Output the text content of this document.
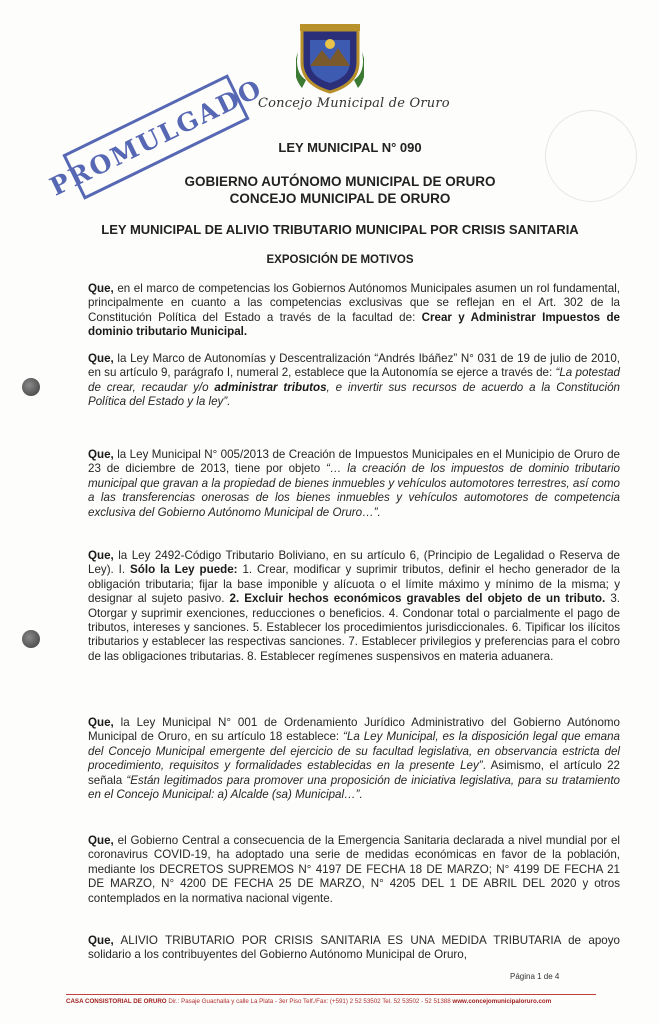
Concejo Municipal de Oruro
PROMULGADO LEY MUNICIPAL N° 090
GOBIERNO AUTÓNOMO MUNICIPAL DE ORURO
CONCEJO MUNICIPAL DE ORURO
LEY MUNICIPAL DE ALIVIO TRIBUTARIO MUNICIPAL POR CRISIS SANITARIA
EXPOSICIÓN DE MOTIVOS

Que, en el marco de competencias los Gobiernos Autónomos Municipales asumen un rol fundamental, principalmente en cuanto a las competencias exclusivas que se reflejan en el Art. 302 de la Constitución Política del Estado a través de la facultad de: Crear y Administrar Impuestos de dominio tributario Municipal.

Que, la Ley Marco de Autonomías y Descentralización “Andrés Ibáñez” N° 031 de 19 de julio de 2010, en su artículo 9, parágrafo I, numeral 2, establece que la Autonomía se ejerce a través de: “La potestad de crear, recaudar y/o administrar tributos, e invertir sus recursos de acuerdo a la Constitución Política del Estado y la ley”.

Que, la Ley Municipal N° 005/2013 de Creación de Impuestos Municipales en el Municipio de Oruro de 23 de diciembre de 2013, tiene por objeto “… la creación de los impuestos de dominio tributario municipal que gravan a la propiedad de bienes inmuebles y vehículos automotores terrestres, así como a las transferencias onerosas de los bienes inmuebles y vehículos automotores de competencia exclusiva del Gobierno Autónomo Municipal de Oruro…”.

Que, la Ley 2492-Código Tributario Boliviano, en su artículo 6, (Principio de Legalidad o Reserva de Ley). I. Sólo la Ley puede: 1. Crear, modificar y suprimir tributos, definir el hecho generador de la obligación tributaria; fijar la base imponible y alícuota o el límite máximo y mínimo de la misma; y designar al sujeto pasivo. 2. Excluir hechos económicos gravables del objeto de un tributo. 3. Otorgar y suprimir exenciones, reducciones o beneficios. 4. Condonar total o parcialmente el pago de tributos, intereses y sanciones. 5. Establecer los procedimientos jurisdiccionales. 6. Tipificar los ilícitos tributarios y establecer las respectivas sanciones. 7. Establecer privilegios y preferencias para el cobro de las obligaciones tributarias. 8. Establecer regímenes suspensivos en materia aduanera.

Que, la Ley Municipal N° 001 de Ordenamiento Jurídico Administrativo del Gobierno Autónomo Municipal de Oruro, en su artículo 18 establece: “La Ley Municipal, es la disposición legal que emana del Concejo Municipal emergente del ejercicio de su facultad legislativa, en observancia estricta del procedimiento, requisitos y formalidades establecidas en la presente Ley”. Asimismo, el artículo 22 señala “Están legitimados para promover una proposición de iniciativa legislativa, para su tratamiento en el Concejo Municipal: a) Alcalde (sa) Municipal…”.

Que, el Gobierno Central a consecuencia de la Emergencia Sanitaria declarada a nivel mundial por el coronavirus COVID-19, ha adoptado una serie de medidas económicas en favor de la población, mediante los DECRETOS SUPREMOS N° 4197 DE FECHA 18 DE MARZO; N° 4199 DE FECHA 21 DE MARZO, N° 4200 DE FECHA 25 DE MARZO, N° 4205 DEL 1 DE ABRIL DEL 2020 y otros contemplados en la normativa nacional vigente.

Que, ALIVIO TRIBUTARIO POR CRISIS SANITARIA ES UNA MEDIDA TRIBUTARIA de apoyo solidario a los contribuyentes del Gobierno Autónomo Municipal de Oruro,

Página 1 de 4
CASA CONSISTORIAL DE ORURO Dir.: Pasaje Guachalla y calle La Plata - 3er Piso Telf./Fax: (+591) 2 52 53502 Tel. 52 53502 - 52 51388 www.concejomunicipaloruro.com
